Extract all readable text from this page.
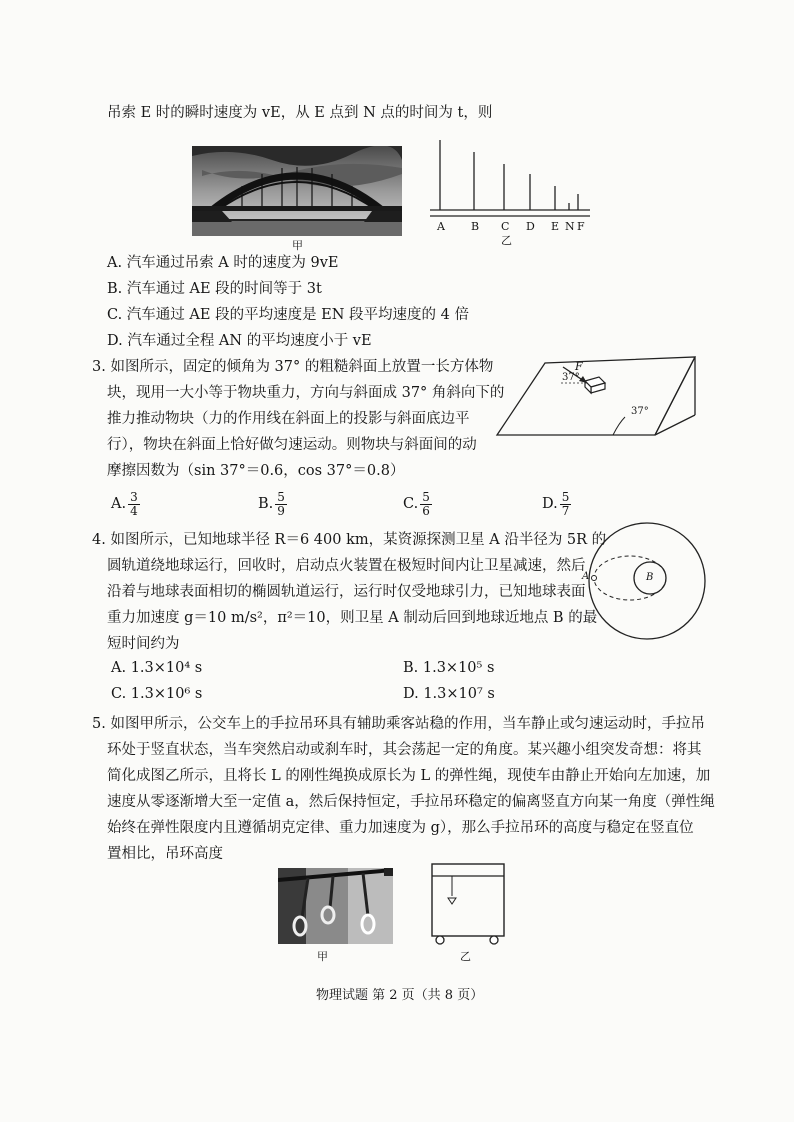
吊索 E 时的瞬时速度为 vE，从 E 点到 N 点的时间为 t，则
甲
A B C D E N F
乙
A. 汽车通过吊索 A 时的速度为 9vE
B. 汽车通过 AE 段的时间等于 3t
C. 汽车通过 AE 段的平均速度是 EN 段平均速度的 4 倍
D. 汽车通过全程 AN 的平均速度小于 vE
3. 如图所示，固定的倾角为 37° 的粗糙斜面上放置一长方体物
块，现用一大小等于物块重力，方向与斜面成 37° 角斜向下的
推力推动物块（力的作用线在斜面上的投影与斜面底边平
行），物块在斜面上恰好做匀速运动。则物块与斜面间的动
摩擦因数为（sin 37°＝0.6，cos 37°＝0.8）
F
37°
37°
A. $\frac{3}{4}$	B. $\frac{5}{9}$	C. $\frac{5}{6}$	D. $\frac{5}{7}$
4. 如图所示，已知地球半径 R＝6 400 km，某资源探测卫星 A 沿半径为 5R 的
圆轨道绕地球运行，回收时，启动点火装置在极短时间内让卫星减速，然后
沿着与地球表面相切的椭圆轨道运行，运行时仅受地球引力，已知地球表面
重力加速度 g＝10 m/s²，π²＝10，则卫星 A 制动后回到地球近地点 B 的最
短时间约为
A	B
A. 1.3×10⁴ s	B. 1.3×10⁵ s
C. 1.3×10⁶ s	D. 1.3×10⁷ s
5. 如图甲所示，公交车上的手拉吊环具有辅助乘客站稳的作用，当车静止或匀速运动时，手拉吊
环处于竖直状态，当车突然启动或刹车时，其会荡起一定的角度。某兴趣小组突发奇想：将其
简化成图乙所示，且将长 L 的刚性绳换成原长为 L 的弹性绳，现使车由静止开始向左加速，加
速度从零逐渐增大至一定值 a，然后保持恒定，手拉吊环稳定的偏离竖直方向某一角度（弹性绳
始终在弹性限度内且遵循胡克定律、重力加速度为 g），那么手拉吊环的高度与稳定在竖直位
置相比，吊环高度
甲	乙
物理试题 第 2 页（共 8 页）
